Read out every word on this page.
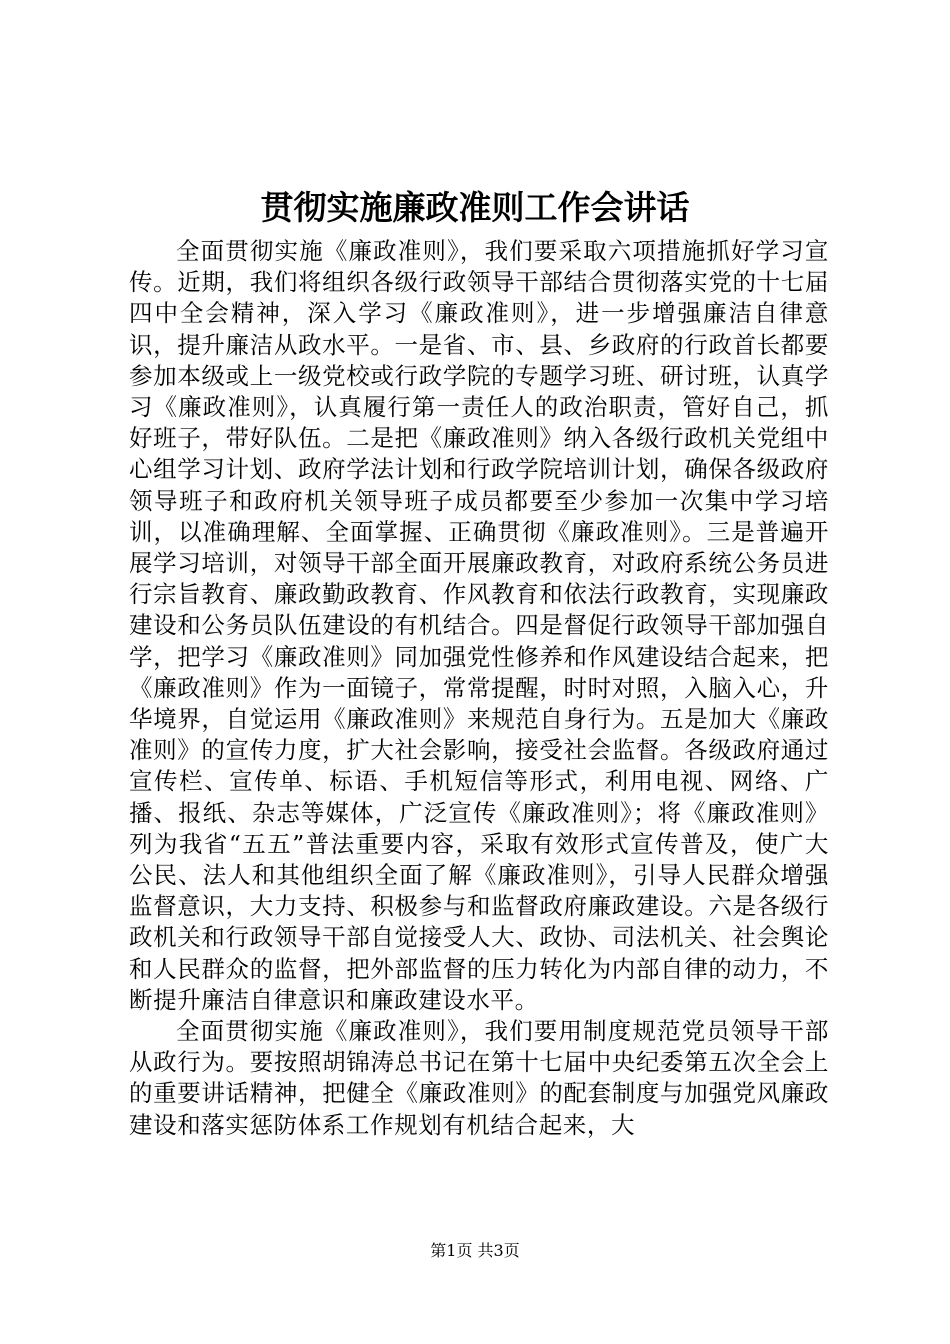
贯彻实施廉政准则工作会讲话

全面贯彻实施《廉政准则》，我们要采取六项措施抓好学习宣传。近期，我们将组织各级行政领导干部结合贯彻落实党的十七届四中全会精神，深入学习《廉政准则》，进一步增强廉洁自律意识，提升廉洁从政水平。一是省、市、县、乡政府的行政首长都要参加本级或上一级党校或行政学院的专题学习班、研讨班，认真学习《廉政准则》，认真履行第一责任人的政治职责，管好自己，抓好班子，带好队伍。二是把《廉政准则》纳入各级行政机关党组中心组学习计划、政府学法计划和行政学院培训计划，确保各级政府领导班子和政府机关领导班子成员都要至少参加一次集中学习培训，以准确理解、全面掌握、正确贯彻《廉政准则》。三是普遍开展学习培训，对领导干部全面开展廉政教育，对政府系统公务员进行宗旨教育、廉政勤政教育、作风教育和依法行政教育，实现廉政建设和公务员队伍建设的有机结合。四是督促行政领导干部加强自学，把学习《廉政准则》同加强党性修养和作风建设结合起来，把《廉政准则》作为一面镜子，常常提醒，时时对照，入脑入心，升华境界，自觉运用《廉政准则》来规范自身行为。五是加大《廉政准则》的宣传力度，扩大社会影响，接受社会监督。各级政府通过宣传栏、宣传单、标语、手机短信等形式，利用电视、网络、广播、报纸、杂志等媒体，广泛宣传《廉政准则》；将《廉政准则》列为我省“五五”普法重要内容，采取有效形式宣传普及，使广大公民、法人和其他组织全面了解《廉政准则》，引导人民群众增强监督意识，大力支持、积极参与和监督政府廉政建设。六是各级行政机关和行政领导干部自觉接受人大、政协、司法机关、社会舆论和人民群众的监督，把外部监督的压力转化为内部自律的动力，不断提升廉洁自律意识和廉政建设水平。

全面贯彻实施《廉政准则》，我们要用制度规范党员领导干部从政行为。要按照胡锦涛总书记在第十七届中央纪委第五次全会上的重要讲话精神，把健全《廉政准则》的配套制度与加强党风廉政建设和落实惩防体系工作规划有机结合起来，大

第1页 共3页
